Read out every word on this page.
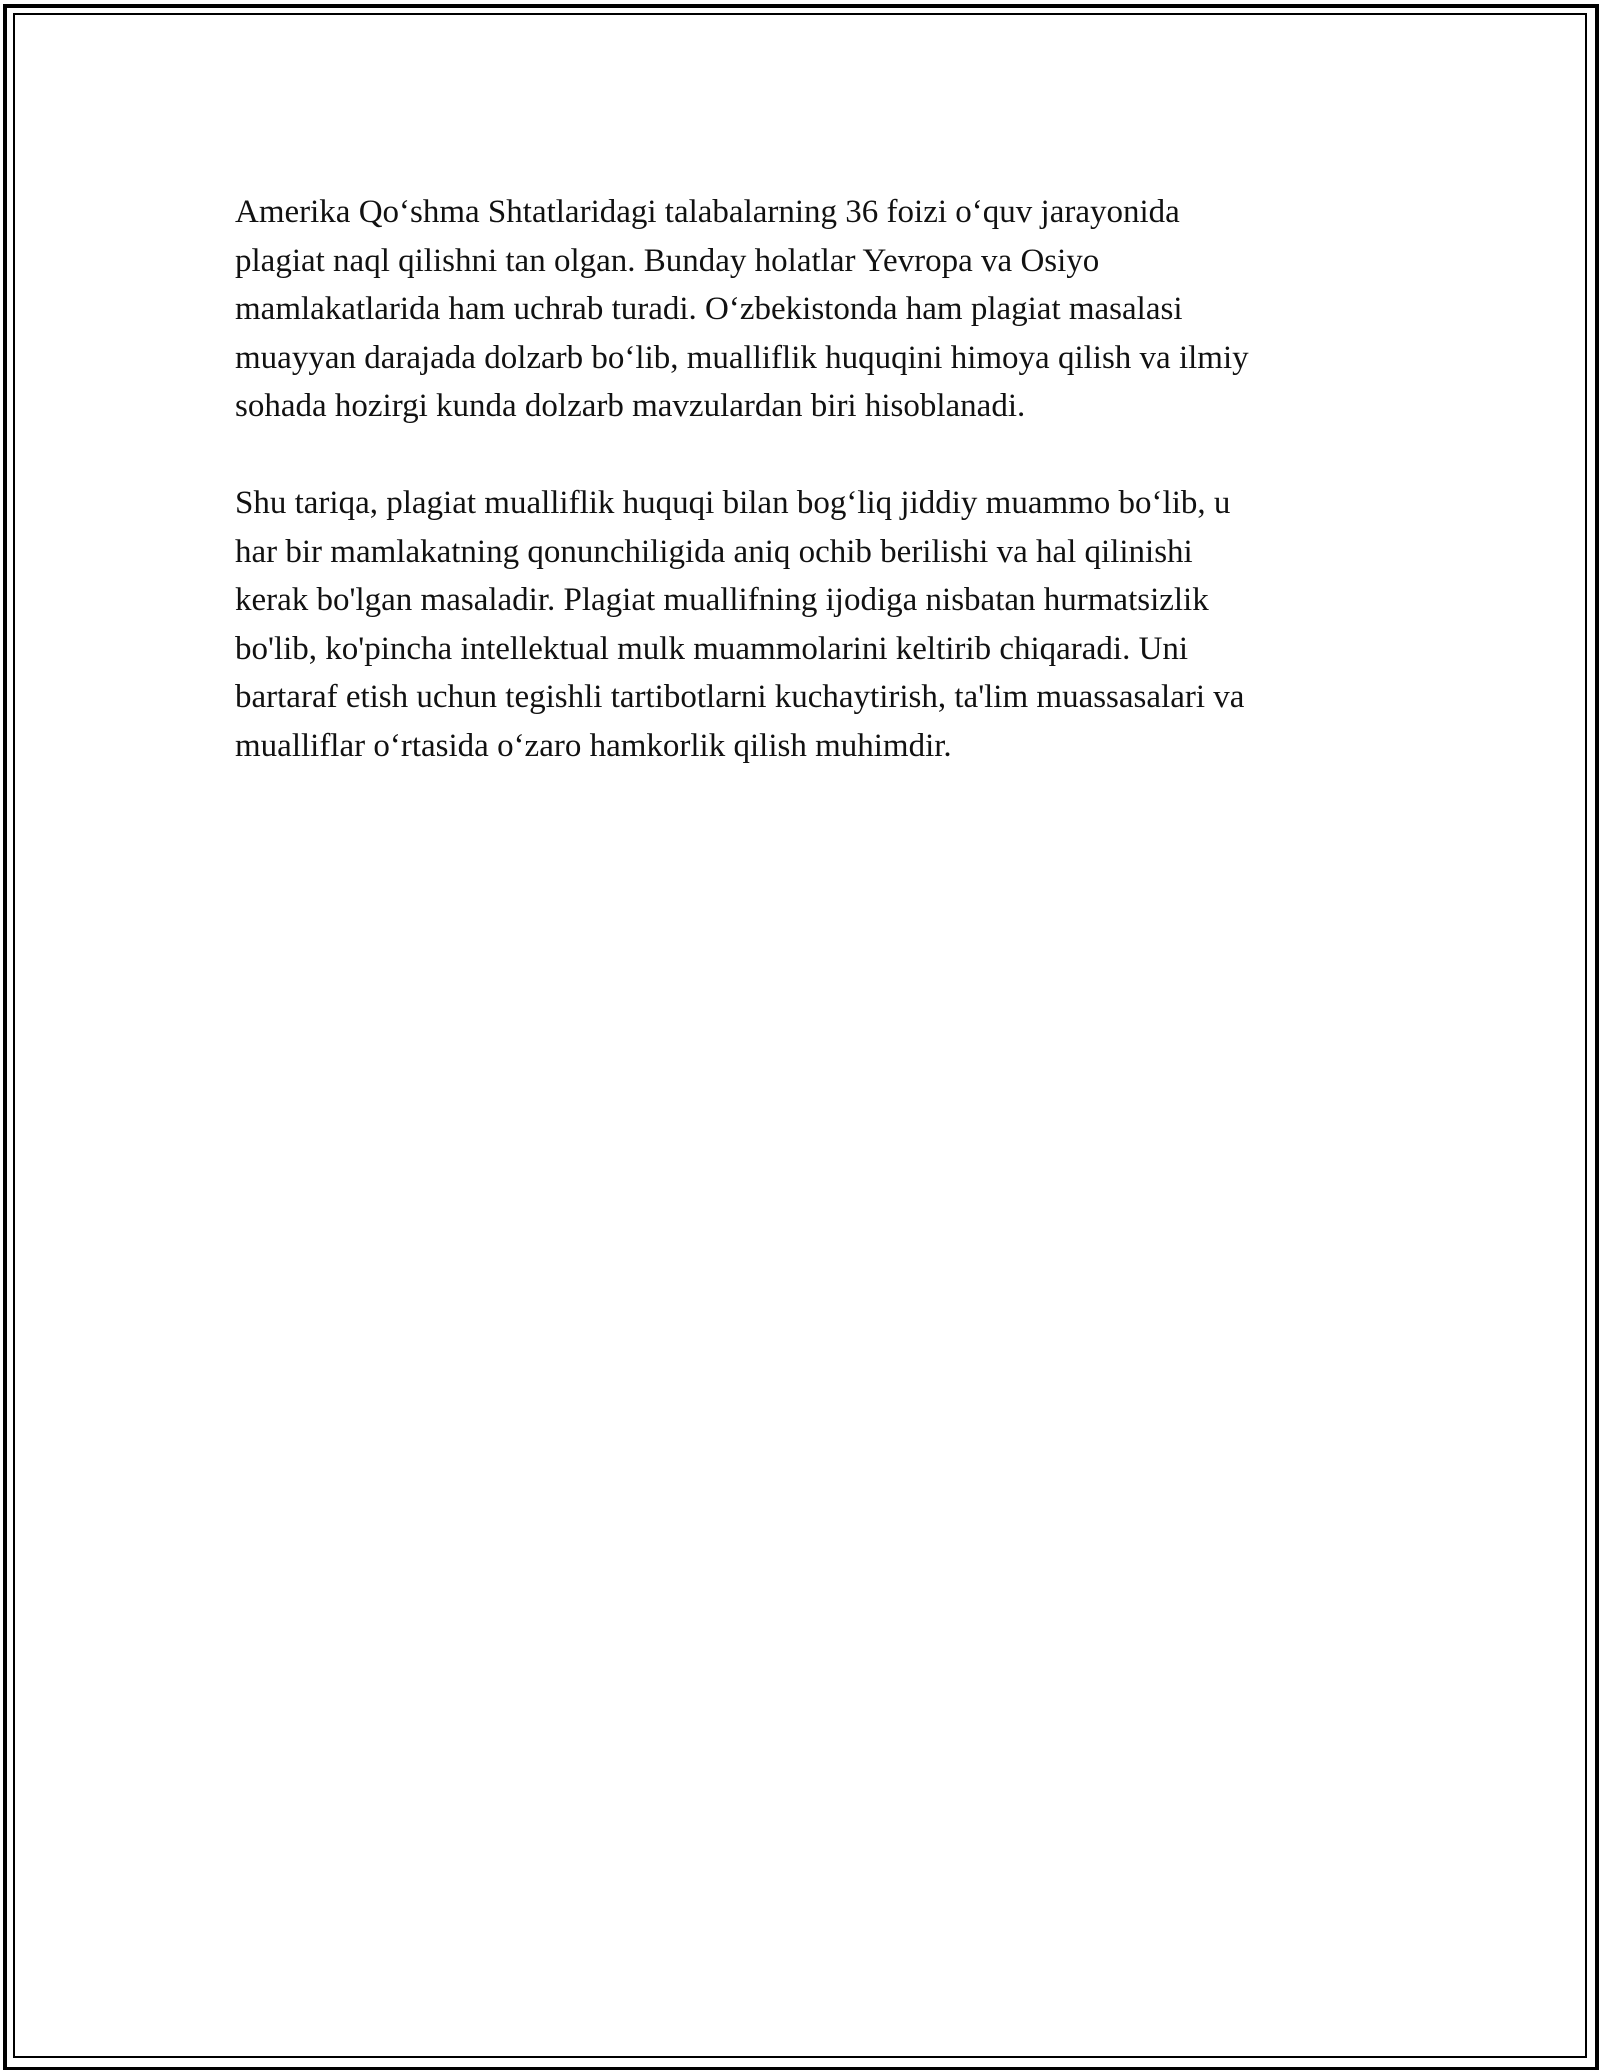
Amerika Qo‘shma Shtatlaridagi talabalarning 36 foizi o‘quv jarayonida
plagiat naql qilishni tan olgan. Bunday holatlar Yevropa va Osiyo
mamlakatlarida ham uchrab turadi. O‘zbekistonda ham plagiat masalasi
muayyan darajada dolzarb bo‘lib, mualliflik huquqini himoya qilish va ilmiy
sohada hozirgi kunda dolzarb mavzulardan biri hisoblanadi.

Shu tariqa, plagiat mualliflik huquqi bilan bog‘liq jiddiy muammo bo‘lib, u
har bir mamlakatning qonunchiligida aniq ochib berilishi va hal qilinishi
kerak bo'lgan masaladir. Plagiat muallifning ijodiga nisbatan hurmatsizlik
bo'lib, ko'pincha intellektual mulk muammolarini keltirib chiqaradi. Uni
bartaraf etish uchun tegishli tartibotlarni kuchaytirish, ta'lim muassasalari va
mualliflar o‘rtasida o‘zaro hamkorlik qilish muhimdir.
